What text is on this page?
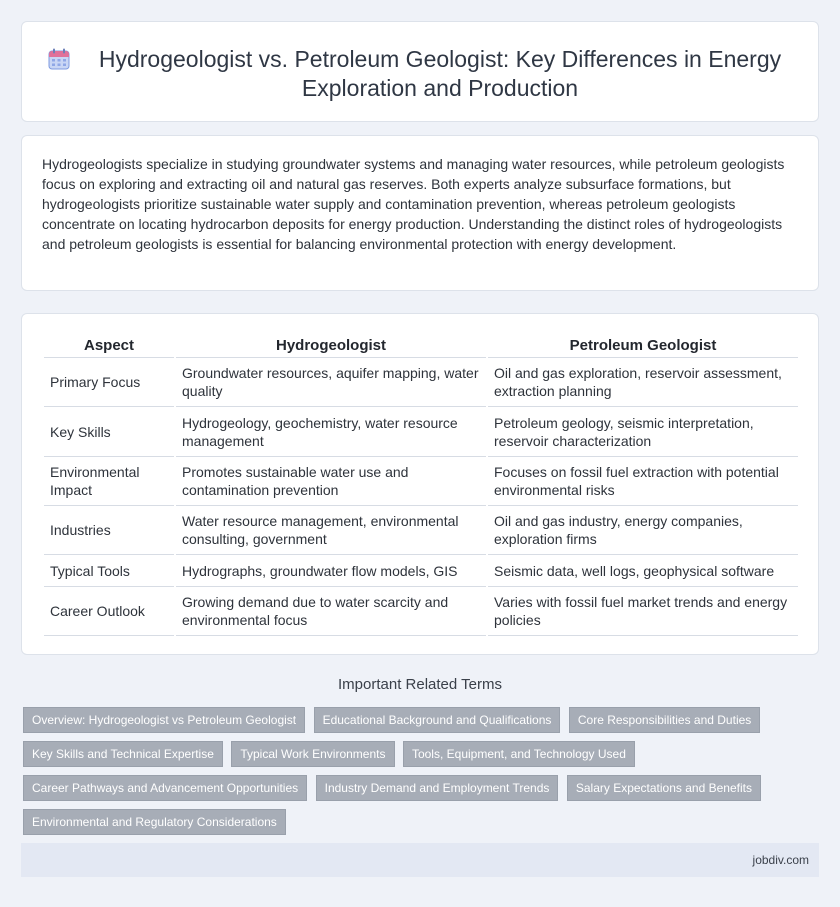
Hydrogeologist vs. Petroleum Geologist: Key Differences in Energy Exploration and Production

Hydrogeologists specialize in studying groundwater systems and managing water resources, while petroleum geologists focus on exploring and extracting oil and natural gas reserves. Both experts analyze subsurface formations, but hydrogeologists prioritize sustainable water supply and contamination prevention, whereas petroleum geologists concentrate on locating hydrocarbon deposits for energy production. Understanding the distinct roles of hydrogeologists and petroleum geologists is essential for balancing environmental protection with energy development.

Aspect	Hydrogeologist	Petroleum Geologist
Primary Focus	Groundwater resources, aquifer mapping, water quality	Oil and gas exploration, reservoir assessment, extraction planning
Key Skills	Hydrogeology, geochemistry, water resource management	Petroleum geology, seismic interpretation, reservoir characterization
Environmental Impact	Promotes sustainable water use and contamination prevention	Focuses on fossil fuel extraction with potential environmental risks
Industries	Water resource management, environmental consulting, government	Oil and gas industry, energy companies, exploration firms
Typical Tools	Hydrographs, groundwater flow models, GIS	Seismic data, well logs, geophysical software
Career Outlook	Growing demand due to water scarcity and environmental focus	Varies with fossil fuel market trends and energy policies
Important Related Terms
Overview: Hydrogeologist vs Petroleum Geologist Educational Background and Qualifications Core Responsibilities and Duties Key Skills and Technical Expertise Typical Work Environments Tools, Equipment, and Technology Used Career Pathways and Advancement Opportunities Industry Demand and Employment Trends Salary Expectations and Benefits Environmental and Regulatory Considerations
jobdiv.com
